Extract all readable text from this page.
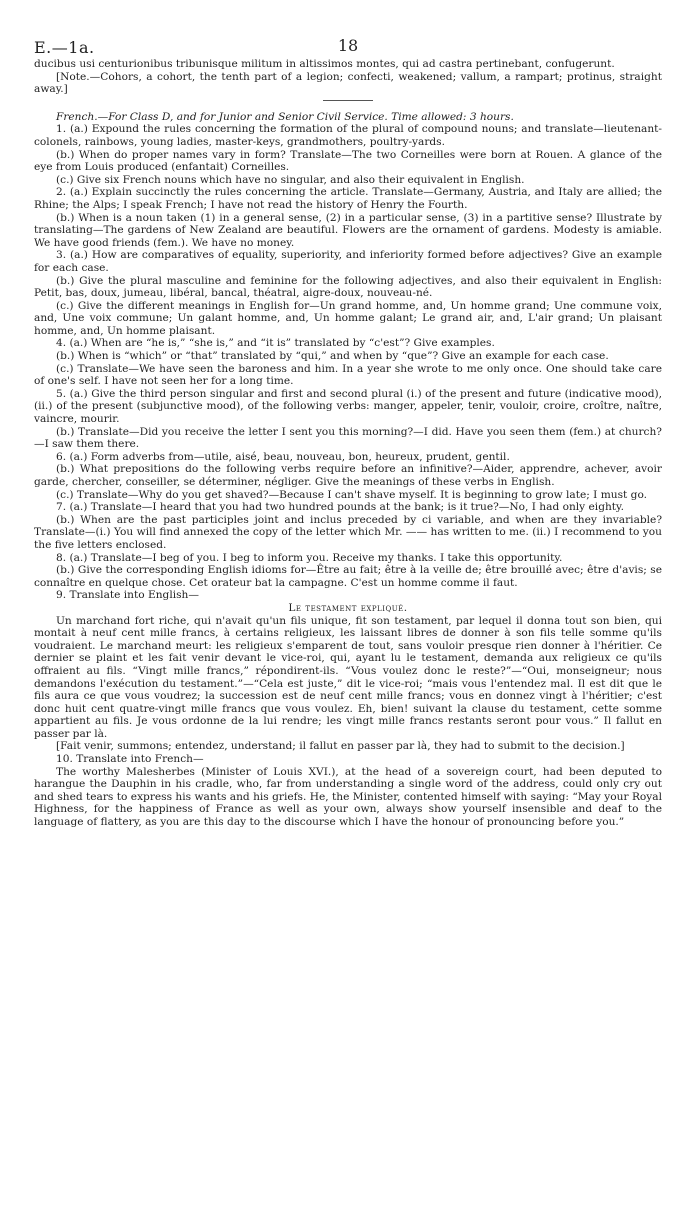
E.—1a.	18

ducibus usi centurionibus tribunisque militum in altissimos montes, qui ad castra pertinebant, confugerunt.

[Note.—Cohors, a cohort, the tenth part of a legion; confecti, weakened; vallum, a rampart; protinus, straight away.]

French.—For Class D, and for Junior and Senior Civil Service. Time allowed: 3 hours.

1. (a.) Expound the rules concerning the formation of the plural of compound nouns; and translate—lieutenant-colonels, rainbows, young ladies, master-keys, grandmothers, poultry-yards.

(b.) When do proper names vary in form? Translate—The two Corneilles were born at Rouen. A glance of the eye from Louis produced (enfantait) Corneilles.

(c.) Give six French nouns which have no singular, and also their equivalent in English.

2. (a.) Explain succinctly the rules concerning the article. Translate—Germany, Austria, and Italy are allied; the Rhine; the Alps; I speak French; I have not read the history of Henry the Fourth.

(b.) When is a noun taken (1) in a general sense, (2) in a particular sense, (3) in a partitive sense? Illustrate by translating—The gardens of New Zealand are beautiful. Flowers are the ornament of gardens. Modesty is amiable. We have good friends (fem.). We have no money.

3. (a.) How are comparatives of equality, superiority, and inferiority formed before adjectives? Give an example for each case.

(b.) Give the plural masculine and feminine for the following adjectives, and also their equivalent in English: Petit, bas, doux, jumeau, libéral, bancal, théatral, aigre-doux, nouveau-né.

(c.) Give the different meanings in English for—Un grand homme, and, Un homme grand; Une commune voix, and, Une voix commune; Un galant homme, and, Un homme galant; Le grand air, and, L'air grand; Un plaisant homme, and, Un homme plaisant.

4. (a.) When are “he is,” “she is,” and “it is” translated by “c'est”? Give examples.

(b.) When is “which” or “that” translated by “qui,” and when by “que”? Give an example for each case.

(c.) Translate—We have seen the baroness and him. In a year she wrote to me only once. One should take care of one's self. I have not seen her for a long time.

5. (a.) Give the third person singular and first and second plural (i.) of the present and future (indicative mood), (ii.) of the present (subjunctive mood), of the following verbs: manger, appeler, tenir, vouloir, croire, croître, naître, vaincre, mourir.

(b.) Translate—Did you receive the letter I sent you this morning?—I did. Have you seen them (fem.) at church?—I saw them there.

6. (a.) Form adverbs from—utile, aisé, beau, nouveau, bon, heureux, prudent, gentil.

(b.) What prepositions do the following verbs require before an infinitive?—Aider, apprendre, achever, avoir garde, chercher, conseiller, se déterminer, négliger. Give the meanings of these verbs in English.

(c.) Translate—Why do you get shaved?—Because I can't shave myself. It is beginning to grow late; I must go.

7. (a.) Translate—I heard that you had two hundred pounds at the bank; is it true?—No, I had only eighty.

(b.) When are the past participles joint and inclus preceded by ci variable, and when are they invariable? Translate—(i.) You will find annexed the copy of the letter which Mr. —— has written to me. (ii.) I recommend to you the five letters enclosed.

8. (a.) Translate—I beg of you. I beg to inform you. Receive my thanks. I take this opportunity.

(b.) Give the corresponding English idioms for—Être au fait; être à la veille de; être brouillé avec; être d'avis; se connaître en quelque chose. Cet orateur bat la campagne. C'est un homme comme il faut.

9. Translate into English—

Le testament expliqué.

Un marchand fort riche, qui n'avait qu'un fils unique, fit son testament, par lequel il donna tout son bien, qui montait à neuf cent mille francs, à certains religieux, les laissant libres de donner à son fils telle somme qu'ils voudraient. Le marchand meurt: les religieux s'emparent de tout, sans vouloir presque rien donner à l'héritier. Ce dernier se plaint et les fait venir devant le vice-roi, qui, ayant lu le testament, demanda aux religieux ce qu'ils offraient au fils. “Vingt mille francs,” répondirent-ils. “Vous voulez donc le reste?”—“Oui, monseigneur; nous demandons l'exécution du testament.”—“Cela est juste,” dit le vice-roi; “mais vous l'entendez mal. Il est dit que le fils aura ce que vous voudrez; la succession est de neuf cent mille francs; vous en donnez vingt à l'héritier; c'est donc huit cent quatre-vingt mille francs que vous voulez. Eh, bien! suivant la clause du testament, cette somme appartient au fils. Je vous ordonne de la lui rendre; les vingt mille francs restants seront pour vous.” Il fallut en passer par là.

[Fait venir, summons; entendez, understand; il fallut en passer par là, they had to submit to the decision.]

10. Translate into French—

The worthy Malesherbes (Minister of Louis XVI.), at the head of a sovereign court, had been deputed to harangue the Dauphin in his cradle, who, far from understanding a single word of the address, could only cry out and shed tears to express his wants and his griefs. He, the Minister, contented himself with saying: “May your Royal Highness, for the happiness of France as well as your own, always show yourself insensible and deaf to the language of flattery, as you are this day to the discourse which I have the honour of pronouncing before you.”
